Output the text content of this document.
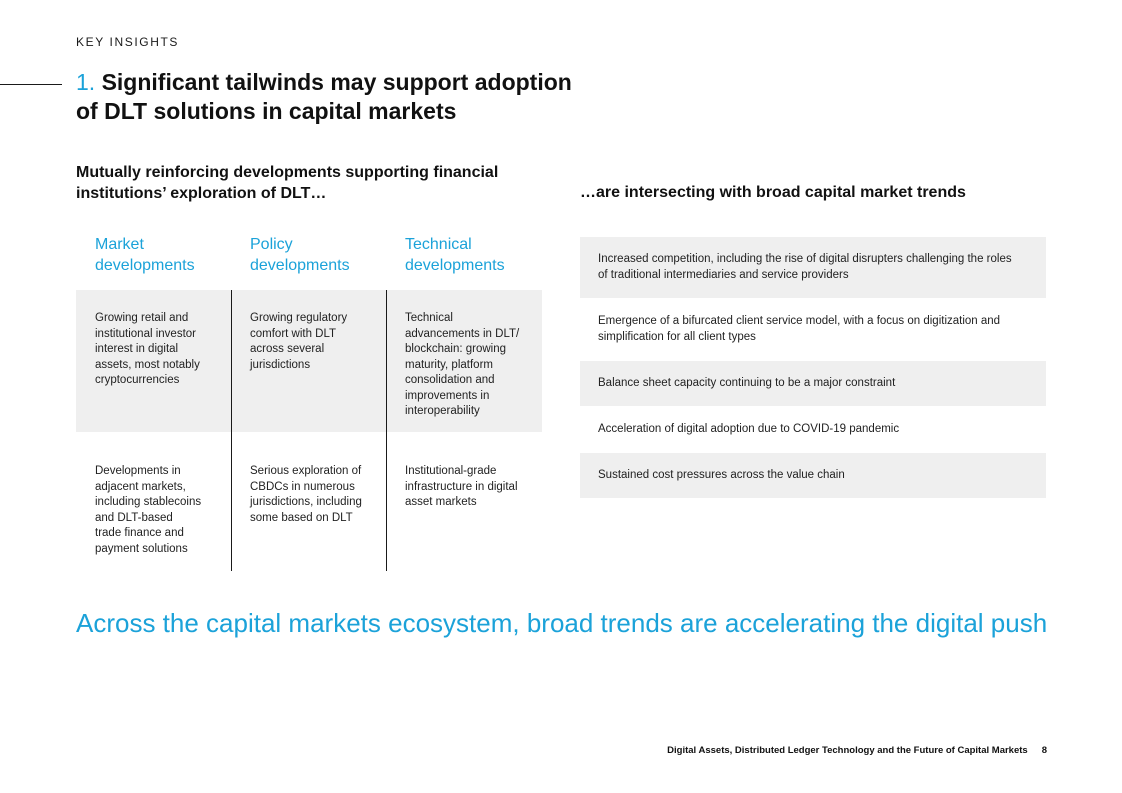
KEY INSIGHTS
1. Significant tailwinds may support adoption
of DLT solutions in capital markets
Mutually reinforcing developments supporting financial
institutions’ exploration of DLT…	…are intersecting with broad capital market trends
Market
developments
Policy
developments
Technical
developments
Growing retail and
institutional investor
interest in digital
assets, most notably
cryptocurrencies
Growing regulatory
comfort with DLT
across several
jurisdictions
Technical
advancements in DLT/
blockchain: growing
maturity, platform
consolidation and
improvements in
interoperability
Developments in
adjacent markets,
including stablecoins
and DLT-based
trade finance and
payment solutions
Serious exploration of
CBDCs in numerous
jurisdictions, including
some based on DLT
Institutional-grade
infrastructure in digital
asset markets
Increased competition, including the rise of digital disrupters challenging the roles
of traditional intermediaries and service providers
Emergence of a bifurcated client service model, with a focus on digitization and
simplification for all client types
Balance sheet capacity continuing to be a major constraint
Acceleration of digital adoption due to COVID-19 pandemic
Sustained cost pressures across the value chain
Across the capital markets ecosystem, broad trends are accelerating the digital push
Digital Assets, Distributed Ledger Technology and the Future of Capital Markets 8
